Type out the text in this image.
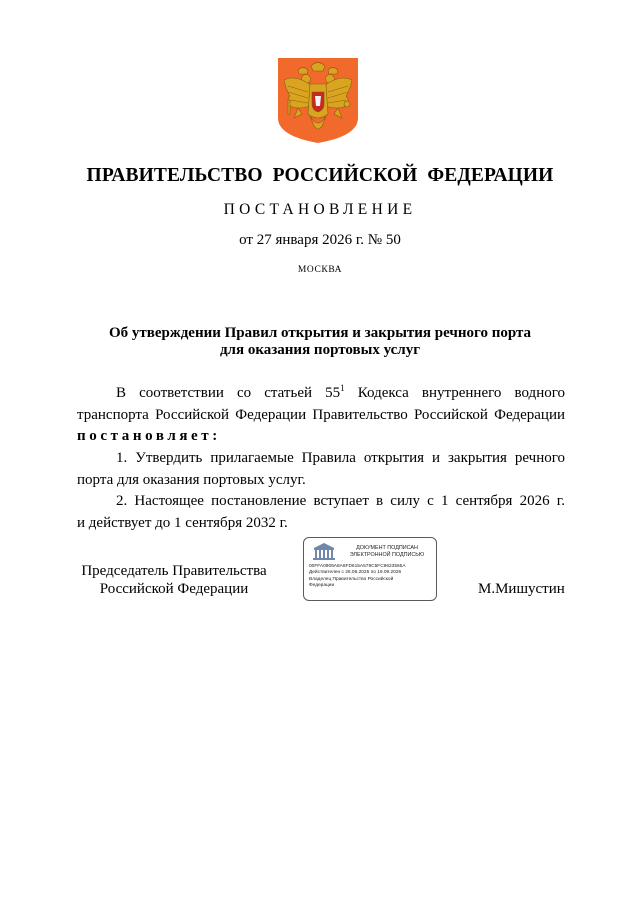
ПРАВИТЕЛЬСТВО РОССИЙСКОЙ ФЕДЕРАЦИИ
ПОСТАНОВЛЕНИЕ
от 27 января 2026 г. № 50
МОСКВА
Об утверждении Правил открытия и закрытия речного порта
для оказания портовых услуг
В соответствии со статьей $55^1$ Кодекса внутреннего водного
транспорта Российской Федерации Правительство Российской Федерации
постановляет:
1. Утвердить прилагаемые Правила открытия и закрытия речного
порта для оказания портовых услуг.
2. Настоящее постановление вступает в силу с 1 сентября 2026 г.
и действует до 1 сентября 2032 г.
Председатель Правительства
Российской Федерации
ДОКУМЕНТ ПОДПИСАН
ЭЛЕКТРОННОЙ ПОДПИСЬЮ
00FFA0909A8A6FD615A579C5FC9623565A
Действителен с 26.06.2025 по 19.09.2026
Владелец Правительство Российской
Федерации	М.Мишустин
